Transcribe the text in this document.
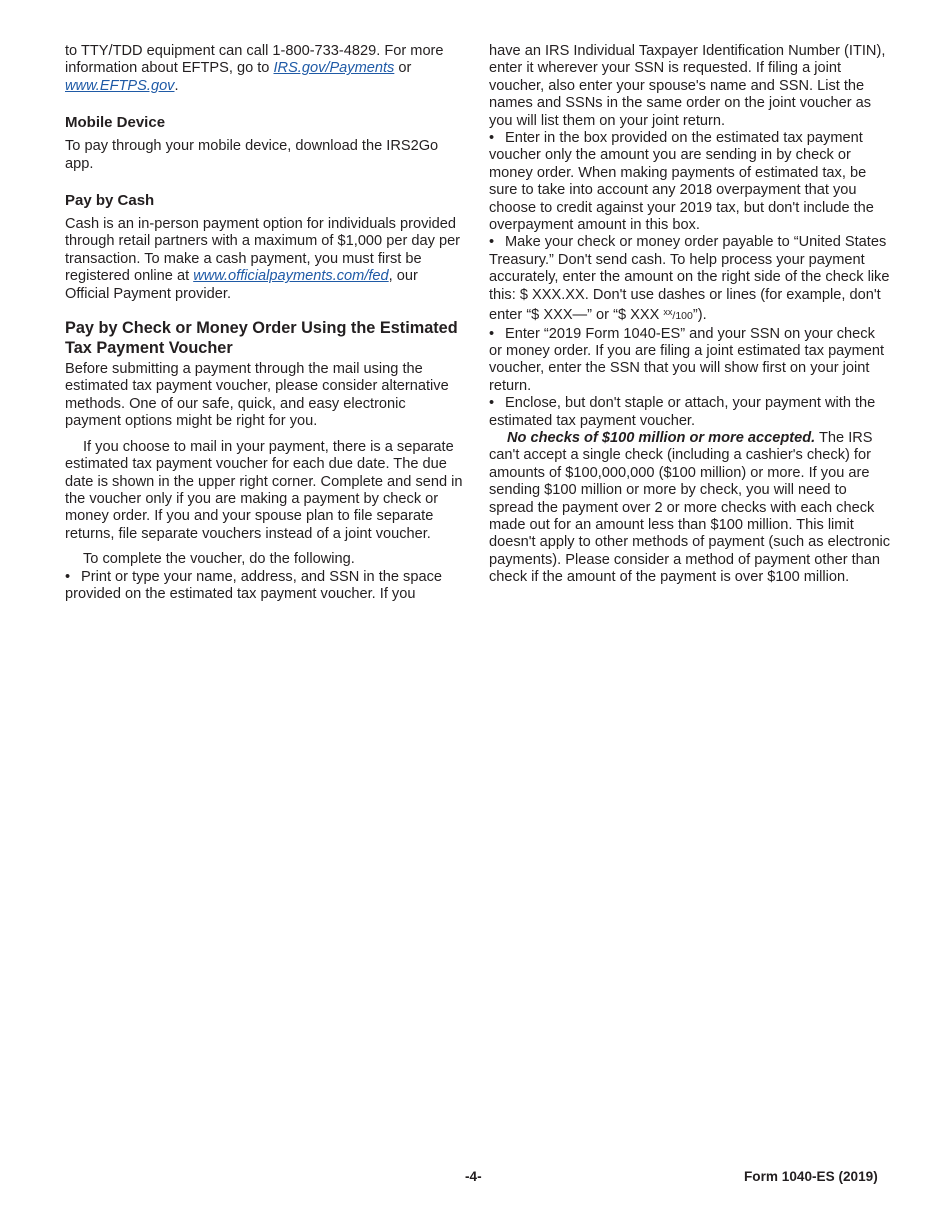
to TTY/TDD equipment can call 1-800-733-4829. For more information about EFTPS, go to IRS.gov/Payments or www.EFTPS.gov.

Mobile Device

To pay through your mobile device, download the IRS2Go app.

Pay by Cash

Cash is an in-person payment option for individuals provided through retail partners with a maximum of $1,000 per day per transaction. To make a cash payment, you must first be registered online at www.officialpayments.com/fed, our Official Payment provider.

Pay by Check or Money Order Using the Estimated Tax Payment Voucher

Before submitting a payment through the mail using the estimated tax payment voucher, please consider alternative methods. One of our safe, quick, and easy electronic payment options might be right for you.

If you choose to mail in your payment, there is a separate estimated tax payment voucher for each due date. The due date is shown in the upper right corner. Complete and send in the voucher only if you are making a payment by check or money order. If you and your spouse plan to file separate returns, file separate vouchers instead of a joint voucher.

To complete the voucher, do the following.

• Print or type your name, address, and SSN in the space provided on the estimated tax payment voucher. If you

have an IRS Individual Taxpayer Identification Number (ITIN), enter it wherever your SSN is requested. If filing a joint voucher, also enter your spouse's name and SSN. List the names and SSNs in the same order on the joint voucher as you will list them on your joint return.

• Enter in the box provided on the estimated tax payment voucher only the amount you are sending in by check or money order. When making payments of estimated tax, be sure to take into account any 2018 overpayment that you choose to credit against your 2019 tax, but don't include the overpayment amount in this box.

• Make your check or money order payable to “United States Treasury.” Don't send cash. To help process your payment accurately, enter the amount on the right side of the check like this: $ XXX.XX. Don't use dashes or lines (for example, don't enter “$ XXX—” or “$ XXX $^{xx}$/100”).

• Enter “2019 Form 1040-ES” and your SSN on your check or money order. If you are filing a joint estimated tax payment voucher, enter the SSN that you will show first on your joint return.

• Enclose, but don't staple or attach, your payment with the estimated tax payment voucher.

No checks of $100 million or more accepted. The IRS can't accept a single check (including a cashier's check) for amounts of $100,000,000 ($100 million) or more. If you are sending $100 million or more by check, you will need to spread the payment over 2 or more checks with each check made out for an amount less than $100 million. This limit doesn't apply to other methods of payment (such as electronic payments). Please consider a method of payment other than check if the amount of the payment is over $100 million.

-4-	Form 1040-ES (2019)
